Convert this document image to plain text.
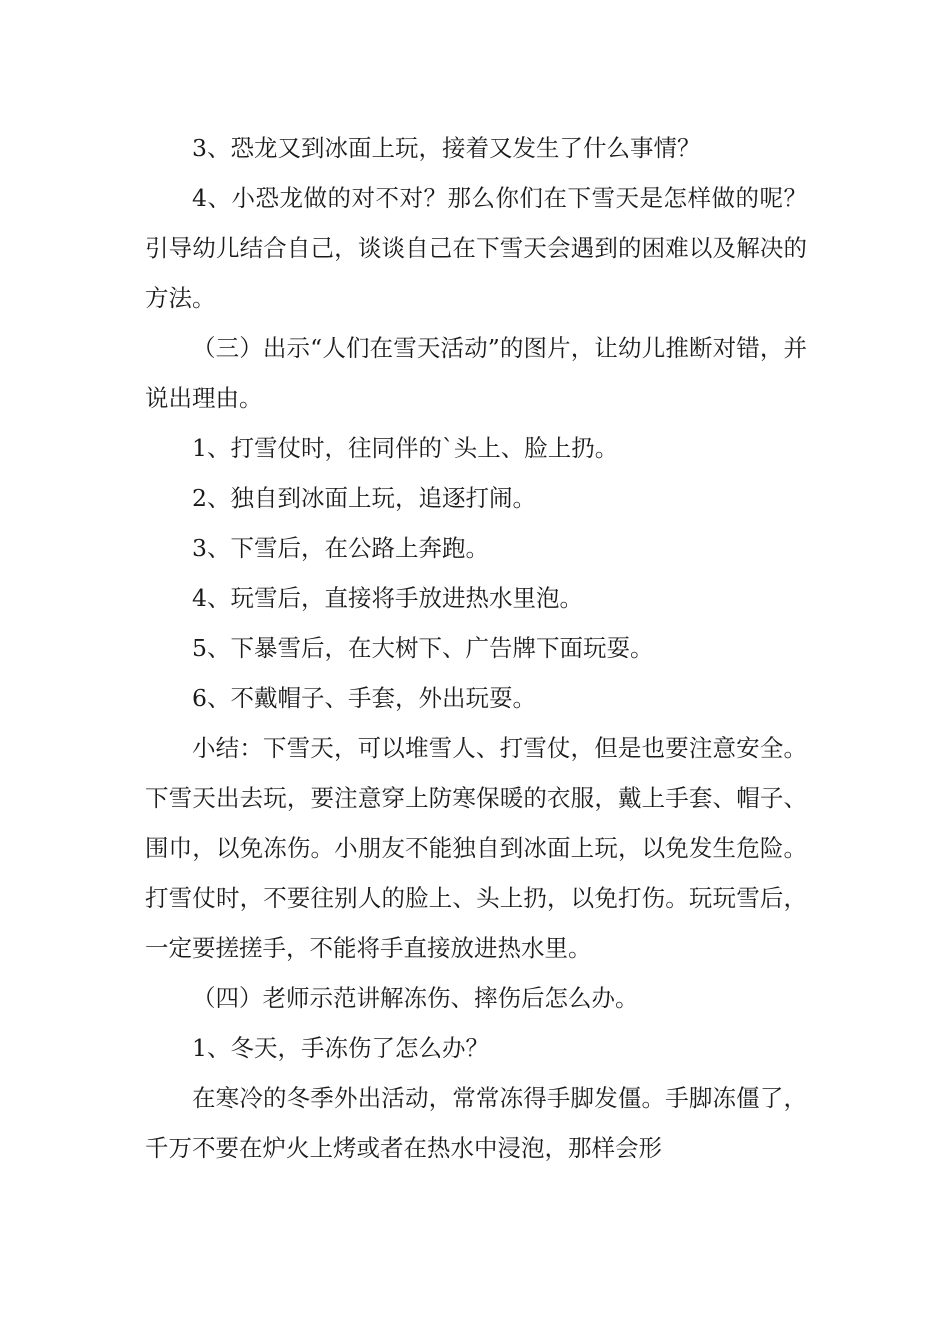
3、恐龙又到冰面上玩，接着又发生了什么事情？

4、小恐龙做的对不对？那么你们在下雪天是怎样做的呢？引导幼儿结合自己，谈谈自己在下雪天会遇到的困难以及解决的方法。

（三）出示“人们在雪天活动”的图片，让幼儿推断对错，并说出理由。

1、打雪仗时，往同伴的`头上、脸上扔。

2、独自到冰面上玩，追逐打闹。

3、下雪后，在公路上奔跑。

4、玩雪后，直接将手放进热水里泡。

5、下暴雪后，在大树下、广告牌下面玩耍。

6、不戴帽子、手套，外出玩耍。

小结：下雪天，可以堆雪人、打雪仗，但是也要注意安全。下雪天出去玩，要注意穿上防寒保暖的衣服，戴上手套、帽子、围巾，以免冻伤。小朋友不能独自到冰面上玩，以免发生危险。打雪仗时，不要往别人的脸上、头上扔，以免打伤。玩玩雪后，一定要搓搓手，不能将手直接放进热水里。

（四）老师示范讲解冻伤、摔伤后怎么办。

1、冬天，手冻伤了怎么办？

在寒冷的冬季外出活动，常常冻得手脚发僵。手脚冻僵了，千万不要在炉火上烤或者在热水中浸泡，那样会形
